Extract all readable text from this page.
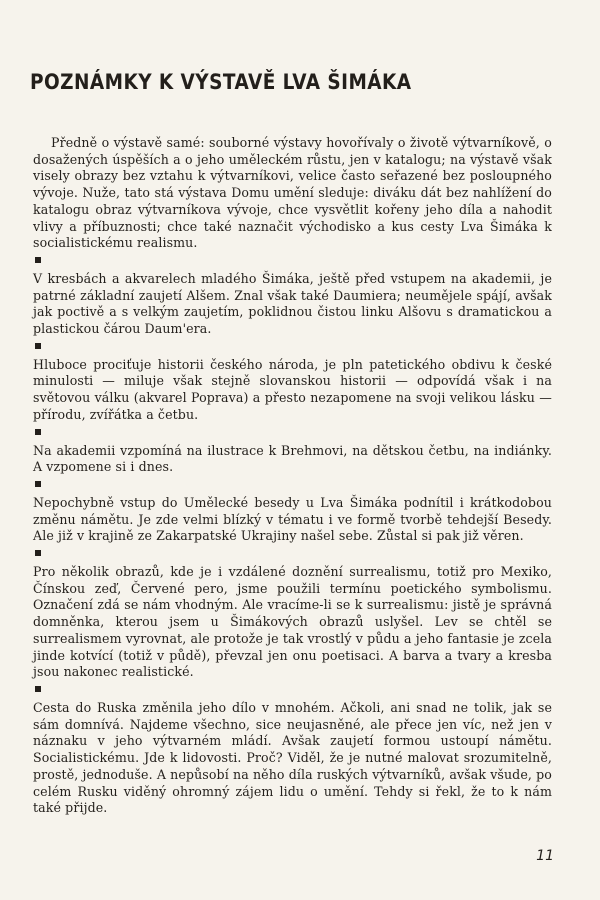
POZNÁMKY K VÝSTAVĚ LVA ŠIMÁKA

Předně o výstavě samé: souborné výstavy hovořívaly o životě výtvarníkově, o dosažených úspěších a o jeho uměleckém růstu, jen v katalogu; na výstavě však visely obrazy bez vztahu k výtvarníkovi, velice často seřazené bez posloupného vývoje. Nuže, tato stá výstava Domu umění sleduje: diváku dát bez nahlížení do katalogu obraz výtvarníkova vývoje, chce vysvětlit kořeny jeho díla a nahodit vlivy a příbuznosti; chce také naznačit východisko a kus cesty Lva Šimáka k socialistickému realismu.

V kresbách a akvarelech mladého Šimáka, ještě před vstupem na akademii, je patrné základní zaujetí Alšem. Znal však také Daumiera; neumějele spájí, avšak jak poctivě a s velkým zaujetím, poklidnou čistou linku Alšovu s dramatickou a plastickou čárou Daum'era.

Hluboce prociťuje historii českého národa, je pln patetického obdivu k české minulosti — miluje však stejně slovanskou historii — odpovídá však i na světovou válku (akvarel Poprava) a přesto nezapomene na svoji velikou lásku — přírodu, zvířátka a četbu.

Na akademii vzpomíná na ilustrace k Brehmovi, na dětskou četbu, na indiánky. A vzpomene si i dnes.

Nepochybně vstup do Umělecké besedy u Lva Šimáka podnítil i krátkodobou změnu námětu. Je zde velmi blízký v tématu i ve formě tvorbě tehdejší Besedy. Ale již v krajině ze Zakarpatské Ukrajiny našel sebe. Zůstal si pak již věren.

Pro několik obrazů, kde je i vzdálené doznění surrealismu, totiž pro Mexiko, Čínskou zeď, Červené pero, jsme použili termínu poetického symbolismu. Označení zdá se nám vhodným. Ale vracíme-li se k surrealismu: jistě je správná domněnka, kterou jsem u Šimákových obrazů uslyšel. Lev se chtěl se surrealismem vyrovnat, ale protože je tak vrostlý v půdu a jeho fantasie je zcela jinde kotvící (totiž v půdě), převzal jen onu poetisaci. A barva a tvary a kresba jsou nakonec realistické.

Cesta do Ruska změnila jeho dílo v mnohém. Ačkoli, ani snad ne tolik, jak se sám domnívá. Najdeme všechno, sice neujasněné, ale přece jen víc, než jen v náznaku v jeho výtvarném mládí. Avšak zaujetí formou ustoupí námětu. Socialistickému. Jde k lidovosti. Proč? Viděl, že je nutné malovat srozumitelně, prostě, jednoduše. A nepůsobí na něho díla ruských výtvarníků, avšak všude, po celém Rusku viděný ohromný zájem lidu o umění. Tehdy si řekl, že to k nám také přijde.

11
